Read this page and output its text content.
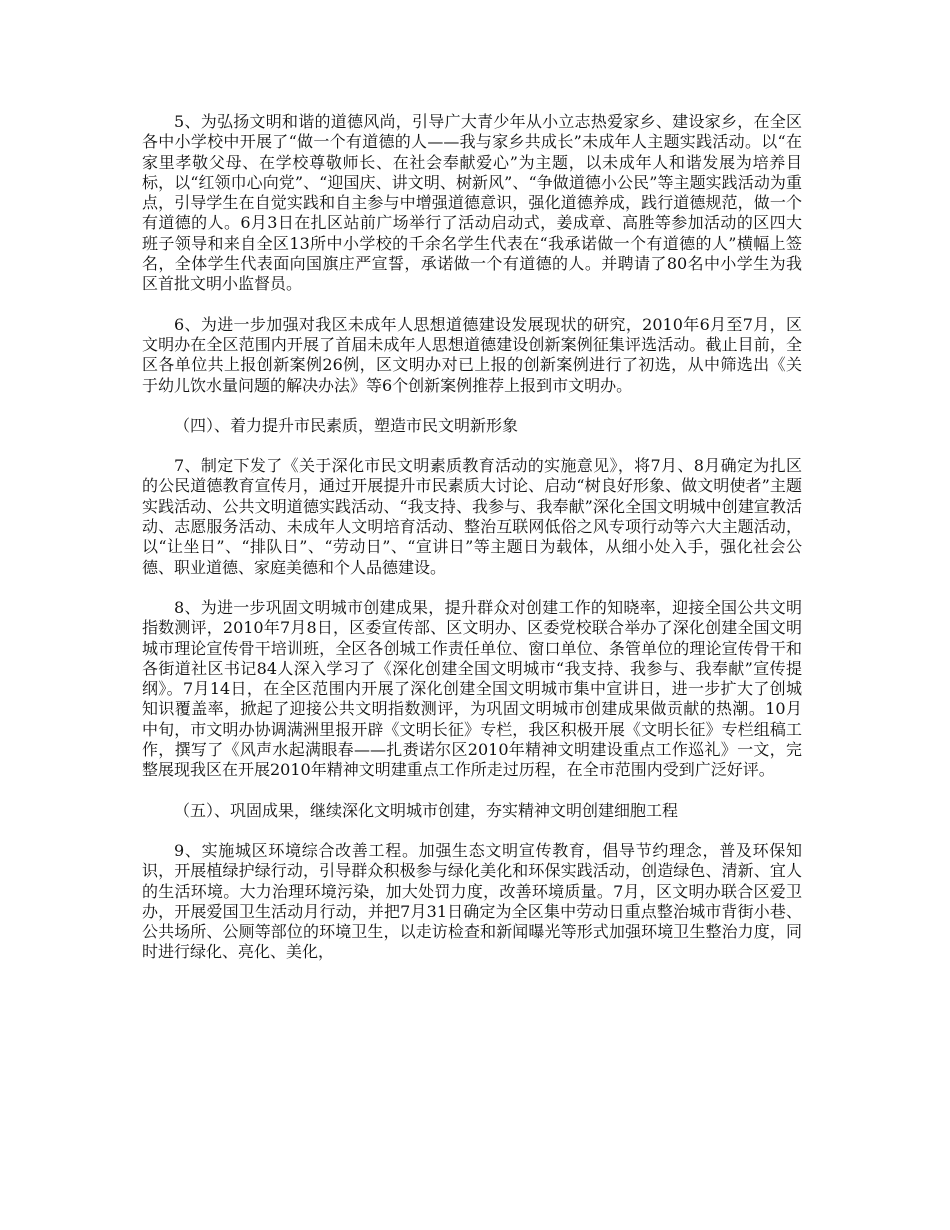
5、为弘扬文明和谐的道德风尚，引导广大青少年从小立志热爱家乡、建设家乡，在全区各中小学校中开展了“做一个有道德的人——我与家乡共成长”未成年人主题实践活动。以“在家里孝敬父母、在学校尊敬师长、在社会奉献爱心”为主题，以未成年人和谐发展为培养目标，以“红领巾心向党”、“迎国庆、讲文明、树新风”、“争做道德小公民”等主题实践活动为重点，引导学生在自觉实践和自主参与中增强道德意识，强化道德养成，践行道德规范，做一个有道德的人。6月3日在扎区站前广场举行了活动启动式，姜成章、高胜等参加活动的区四大班子领导和来自全区13所中小学校的千余名学生代表在“我承诺做一个有道德的人”横幅上签名，全体学生代表面向国旗庄严宣誓，承诺做一个有道德的人。并聘请了80名中小学生为我区首批文明小监督员。

6、为进一步加强对我区未成年人思想道德建设发展现状的研究，2010年6月至7月，区文明办在全区范围内开展了首届未成年人思想道德建设创新案例征集评选活动。截止目前，全区各单位共上报创新案例26例，区文明办对已上报的创新案例进行了初选，从中筛选出《关于幼儿饮水量问题的解决办法》等6个创新案例推荐上报到市文明办。

（四）、着力提升市民素质，塑造市民文明新形象

7、制定下发了《关于深化市民文明素质教育活动的实施意见》，将7月、8月确定为扎区的公民道德教育宣传月，通过开展提升市民素质大讨论、启动“树良好形象、做文明使者”主题实践活动、公共文明道德实践活动、“我支持、我参与、我奉献”深化全国文明城中创建宣教活动、志愿服务活动、未成年人文明培育活动、整治互联网低俗之风专项行动等六大主题活动，以“让坐日”、“排队日”、“劳动日”、“宣讲日”等主题日为载体，从细小处入手，强化社会公德、职业道德、家庭美德和个人品德建设。

8、为进一步巩固文明城市创建成果，提升群众对创建工作的知晓率，迎接全国公共文明指数测评，2010年7月8日，区委宣传部、区文明办、区委党校联合举办了深化创建全国文明城市理论宣传骨干培训班，全区各创城工作责任单位、窗口单位、条管单位的理论宣传骨干和各街道社区书记84人深入学习了《深化创建全国文明城市“我支持、我参与、我奉献”宣传提纲》。7月14日，在全区范围内开展了深化创建全国文明城市集中宣讲日，进一步扩大了创城知识覆盖率，掀起了迎接公共文明指数测评，为巩固文明城市创建成果做贡献的热潮。10月中旬，市文明办协调满洲里报开辟《文明长征》专栏，我区积极开展《文明长征》专栏组稿工作，撰写了《风声水起满眼春——扎赉诺尔区2010年精神文明建设重点工作巡礼》一文，完整展现我区在开展2010年精神文明建重点工作所走过历程，在全市范围内受到广泛好评。

（五）、巩固成果，继续深化文明城市创建，夯实精神文明创建细胞工程

9、实施城区环境综合改善工程。加强生态文明宣传教育，倡导节约理念，普及环保知识，开展植绿护绿行动，引导群众积极参与绿化美化和环保实践活动，创造绿色、清新、宜人的生活环境。大力治理环境污染，加大处罚力度，改善环境质量。7月，区文明办联合区爱卫办，开展爱国卫生活动月行动，并把7月31日确定为全区集中劳动日重点整治城市背街小巷、公共场所、公厕等部位的环境卫生，以走访检查和新闻曝光等形式加强环境卫生整治力度，同时进行绿化、亮化、美化，
